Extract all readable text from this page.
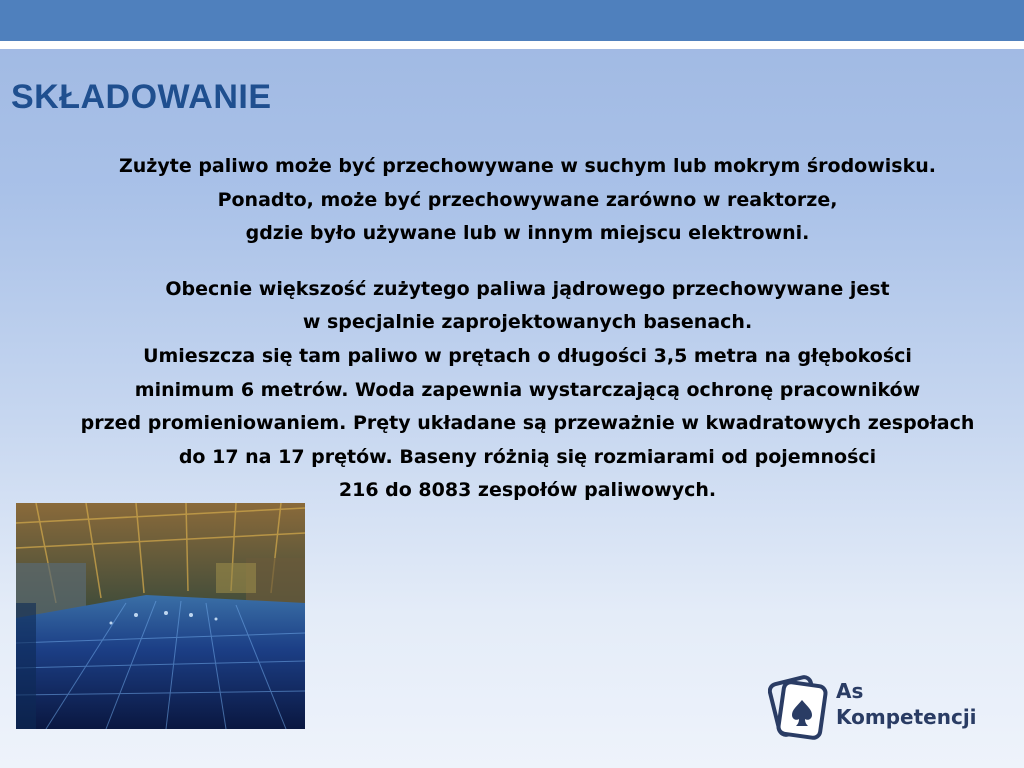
SKŁADOWANIE

Zużyte paliwo może być przechowywane w suchym lub mokrym środowisku.

Ponadto, może być przechowywane zarówno w reaktorze,

gdzie było używane lub w innym miejscu elektrowni.

Obecnie większość zużytego paliwa jądrowego przechowywane jest

w specjalnie zaprojektowanych basenach.

Umieszcza się tam paliwo w prętach o długości 3,5 metra na głębokości

minimum 6 metrów. Woda zapewnia wystarczającą ochronę pracowników

przed promieniowaniem. Pręty układane są przeważnie w kwadratowych zespołach

do 17 na 17 prętów. Baseny różnią się rozmiarami od pojemności

216 do 8083 zespołów paliwowych.

As
Kompetencji
